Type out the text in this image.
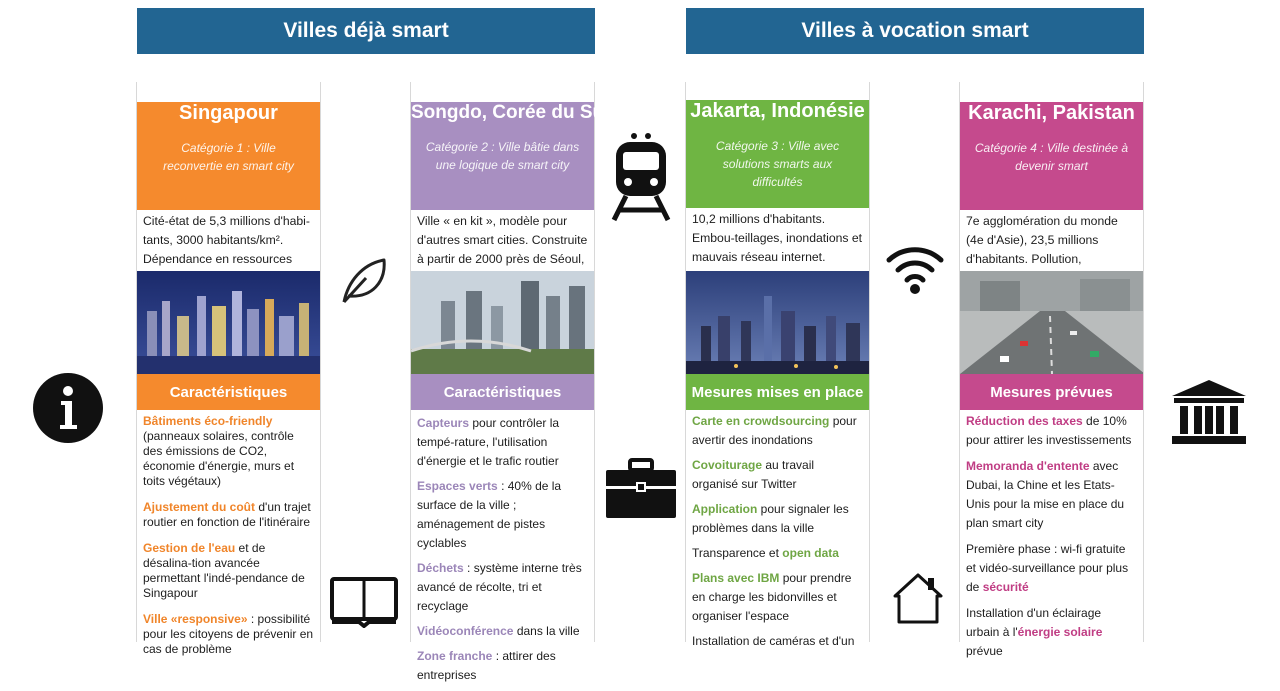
Villes déjà smart	Villes à vocation smart
Singapour
Catégorie 1 : Ville reconvertie en smart city
Cité-état de 5,3 millions d'habi-tants, 3000 habitants/km². Dépendance en ressources
Caractéristiques

Bâtiments éco-friendly (panneaux solaires, contrôle des émissions de CO2, économie d'énergie, murs et toits végétaux)

Ajustement du coût d'un trajet routier en fonction de l'itinéraire

Gestion de l'eau et de désalina-tion avancée permettant l'indé-pendance de Singapour

Ville «responsive» : possibilité pour les citoyens de prévenir en cas de problème

Songdo, Corée du Sud
Catégorie 2 : Ville bâtie dans une logique de smart city
Ville « en kit », modèle pour d'autres smart cities. Construite à partir de 2000 près de Séoul,
Caractéristiques

Capteurs pour contrôler la tempé-rature, l'utilisation d'énergie et le trafic routier

Espaces verts : 40% de la surface de la ville ; aménagement de pistes cyclables

Déchets : système interne très avancé de récolte, tri et recyclage

Vidéoconférence dans la ville

Zone franche : attirer des entreprises

Jakarta, Indonésie
Catégorie 3 : Ville avec solutions smarts aux difficultés
10,2 millions d'habitants. Embou-teillages, inondations et mauvais réseau internet.
Mesures mises en place

Carte en crowdsourcing pour avertir des inondations

Covoiturage au travail organisé sur Twitter

Application pour signaler les problèmes dans la ville

Transparence et open data

Plans avec IBM pour prendre en charge les bidonvilles et organiser l'espace

Installation de caméras et d'un

Karachi, Pakistan
Catégorie 4 : Ville destinée à devenir smart
7e agglomération du monde (4e d'Asie), 23,5 millions d'habitants. Pollution,
Mesures prévues

Réduction des taxes de 10% pour attirer les investissements

Memoranda d'entente avec Dubai, la Chine et les Etats-Unis pour la mise en place du plan smart city

Première phase : wi-fi gratuite et vidéo-surveillance pour plus de sécurité

Installation d'un éclairage urbain à l'énergie solaire prévue
